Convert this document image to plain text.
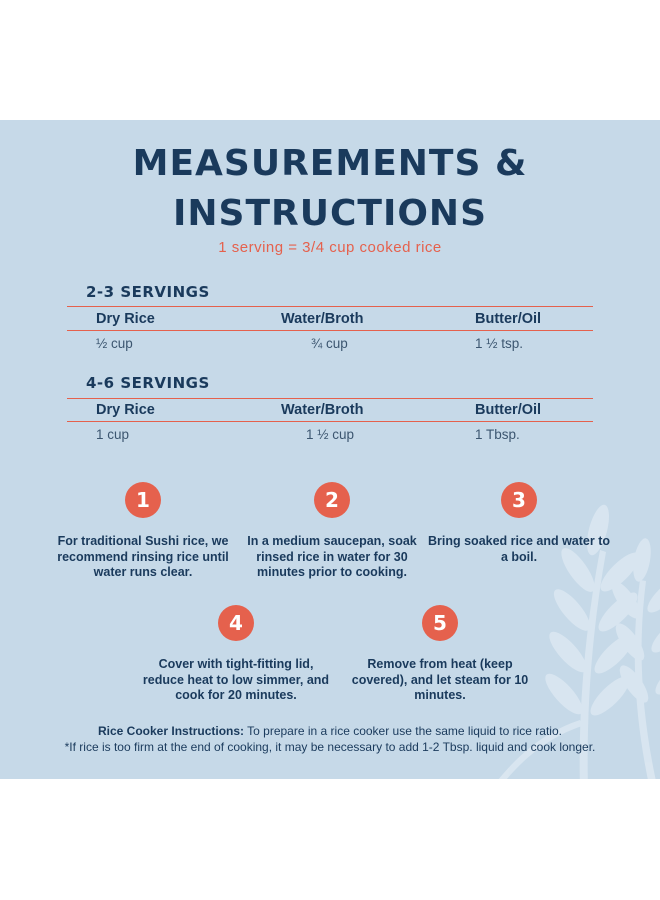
MEASUREMENTS &
INSTRUCTIONS
1 serving = 3/4 cup cooked rice
2-3 SERVINGS
Dry Rice	Water/Broth	Butter/Oil
½ cup	¾ cup	1 ½ tsp.
4-6 SERVINGS
Dry Rice	Water/Broth	Butter/Oil
1 cup	1 ½ cup	1 Tbsp.
1
For traditional Sushi rice, we recommend rinsing rice until water runs clear.
2
In a medium saucepan, soak rinsed rice in water for 30 minutes prior to cooking.
3
Bring soaked rice and water to a boil.
4
Cover with tight-fitting lid, reduce heat to low simmer, and cook for 20 minutes.
5
Remove from heat (keep covered), and let steam for 10 minutes.
Rice Cooker Instructions: To prepare in a rice cooker use the same liquid to rice ratio.
*If rice is too firm at the end of cooking, it may be necessary to add 1-2 Tbsp. liquid and cook longer.
